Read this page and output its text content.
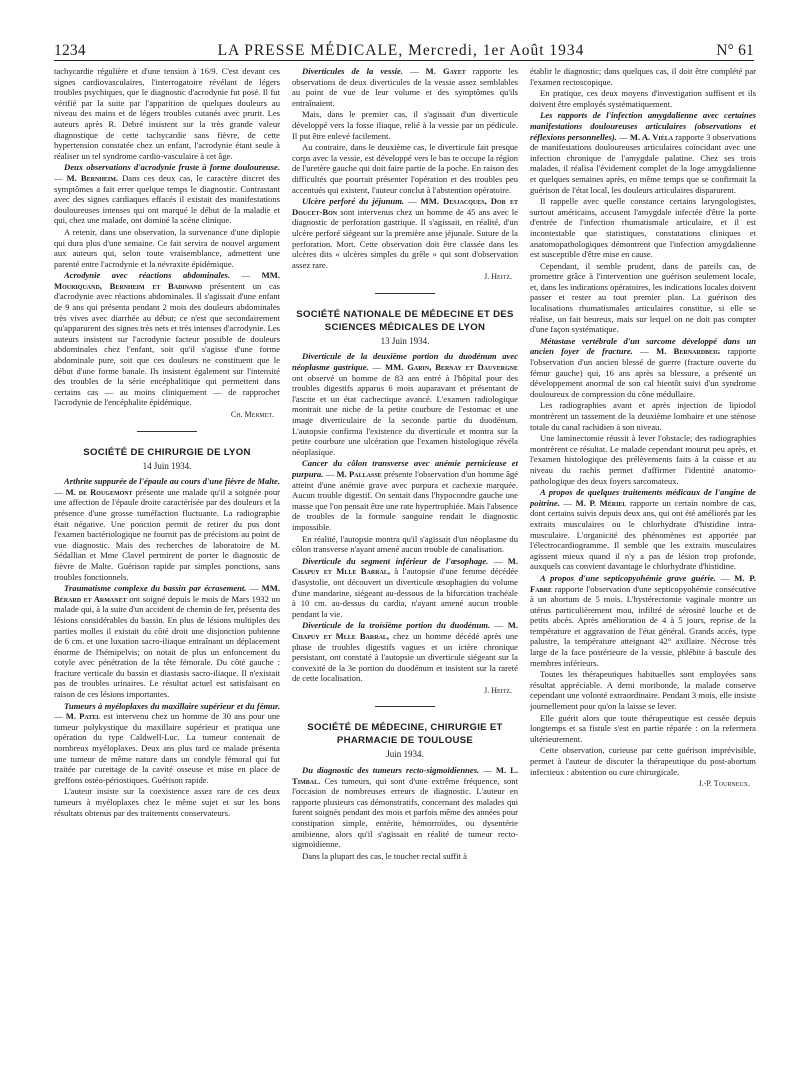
1234	LA PRESSE MÉDICALE, Mercredi, 1er Août 1934	N° 61

tachycardie régulière et d'une tension à 16/9. C'est devant ces signes cardiovasculaires, l'interrogatoire révélant de légers troubles psychiques, que le diagnostic d'acrodynie fut posé. Il fut vérifié par la suite par l'apparition de quelques douleurs au niveau des mains et de légers troubles cutanés avec prurit. Les auteurs après R. Debré insistent sur la très grande valeur diagnostique de cette tachycardie sans fièvre, de cette hypertension constatée chez un enfant, l'acrodynie étant seule à réaliser un tel syndrome cardio-vasculaire à cet âge.

Deux observations d'acrodynie fruste à forme douloureuse. — M. Bernheim. Dans ces deux cas, le caractère discret des symptômes a fait errer quelque temps le diagnostic. Contrastant avec des signes cardiaques effacés il existait des manifestations douloureuses intenses qui ont marqué le début de la maladie et qui, chez une malade, ont dominé la scène clinique.

A retenir, dans une observation, la survenance d'une diplopie qui dura plus d'une semaine. Ce fait servira de nouvel argument aux auteurs qui, selon toute vraisemblance, admettent une parenté entre l'acrodynie et la névraxite épidémique.

Acrodynie avec réactions abdominales. — MM. Mouriquand, Bernheim et Badinand présentent un cas d'acrodynie avec réactions abdominales. Il s'agissait d'une enfant de 9 ans qui présenta pendant 2 mois des douleurs abdominales très vives avec diarrhée au début; ce n'est que secondairement qu'apparurent des signes très nets et très intenses d'acrodynie. Les auteurs insistent sur l'acrodynie facteur possible de douleurs abdominales chez l'enfant, soit qu'il s'agisse d'une forme abdominale pure, soit que ces douleurs ne constituent que le début d'une forme banale. Ils insistent également sur l'intensité des troubles de la série encéphalitique qui permettent dans certains cas — au moins cliniquement — de rapprocher l'acrodynie de l'encéphalite épidémique.

Ch. Mermet.
SOCIÉTÉ DE CHIRURGIE DE LYON
14 Juin 1934.

Arthrite suppurée de l'épaule au cours d'une fièvre de Malte. — M. de Rougemont présente une malade qu'il a soignée pour une affection de l'épaule droite caractérisée par des douleurs et la présence d'une grosse tuméfaction fluctuante. La radiographie était négative. Une ponction permit de retirer du pus dont l'examen bactériologique ne fournit pas de précisions au point de vue diagnostic. Mais des recherches de laboratoire de M. Sédallian et Mme Clavel permirent de porter le diagnostic de fièvre de Malte. Guérison rapide par simples ponctions, sans troubles fonctionnels.

Traumatisme complexe du bassin par écrasement. — MM. Bérard et Armanet ont soigné depuis le mois de Mars 1932 un malade qui, à la suite d'un accident de chemin de fer, présenta des lésions considérables du bassin. En plus de lésions multiples des parties molles il existait du côté droit une disjonction pubienne de 6 cm. et une luxation sacro-iliaque entraînant un déplacement énorme de l'hémipelvis; on notait de plus un enfoncement du cotyle avec pénétration de la tête fémorale. Du côté gauche : fracture verticale du bassin et diastasis sacro-iliaque. Il n'existait pas de troubles urinaires. Le résultat actuel est satisfaisant en raison de ces lésions importantes.

Tumeurs à myéloplaxes du maxillaire supérieur et du fémur. — M. Patel est intervenu chez un homme de 30 ans pour une tumeur polykystique du maxillaire supérieur et pratiqua une opération du type Caldwell-Luc. La tumeur contenait de nombreux myéloplaxes. Deux ans plus tard ce malade présenta une tumeur de même nature dans un condyle fémoral qui fut traitée par curettage de la cavité osseuse et mise en place de greffons ostéo-périostiques. Guérison rapide.

L'auteur insiste sur la coexistence assez rare de ces deux tumeurs à myéloplaxes chez le même sujet et sur les bons résultats obtenus par des traitements conservateurs.

Diverticules de la vessie. — M. Gayet rapporte les observations de deux diverticules de la vessie assez semblables au point de vue de leur volume et des symptômes qu'ils entraînaient.

Mais, dans le premier cas, il s'agissait d'un diverticule développé vers la fosse iliaque, relié à la vessie par un pédicule. Il put être enlevé facilement.

Au contraire, dans le deuxième cas, le diverticule fait presque corps avec la vessie, est développé vers le bas te occupe la région de l'uretère gauche qui doit faire partie de la poche. En raison des difficultés que pourrait présenter l'opération et des troubles peu accentués qui existent, l'auteur conclut à l'abstention opératoire.

Ulcère perforé du jéjunum. — MM. Desjacques, Dor et Doucet-Bon sont intervenus chez un homme de 45 ans avec le diagnostic de perforation gastrique. Il s'agissait, en réalité, d'un ulcère perforé siégeant sur la première anse jéjunale. Suture de la perforation. Mort. Cette observation doit être classée dans les ulcères dits « ulcères simples du grêle » qui sont d'observation assez rare.

J. Heitz.
SOCIÉTÉ NATIONALE DE MÉDECINE ET DES SCIENCES MÉDICALES DE LYON
13 Juin 1934.

Diverticule de la deuxième portion du duodénum avec néoplasme gastrique. — MM. Garin, Bernay et Dauvergne ont observé un homme de 83 ans entré à l'hôpital pour des troubles digestifs apparus 6 mois auparavant et présentant de l'ascite et un état cachectique avancé. L'examen radiologique montrait une niche de la petite courbure de l'estomac et une image diverticulaire de la seconde partie du duodénum. L'autopsie confirma l'existence du diverticule et montra sur la petite courbure une ulcération que l'examen histologique révéla néoplasique.

Cancer du côlon transverse avec anémie pernicieuse et purpura. — M. Pallasse présente l'observation d'un homme âgé atteint d'une anémie grave avec purpura et cachexie marquée. Aucun trouble digestif. On sentait dans l'hypocondre gauche une masse que l'on pensait être une rate hypertrophiée. Mais l'absence de troubles de la formule sanguine rendait le diagnostic impossible.

En réalité, l'autopsie montra qu'il s'agissait d'un néoplasme du côlon transverse n'ayant amené aucun trouble de canalisation.

Diverticule du segment inférieur de l'œsophage. — M. Chapuy et Mlle Barral, à l'autopsie d'une femme décédée d'asystolie, ont découvert un diverticule œsophagien du volume d'une mandarine, siégeant au-dessous de la bifurcation trachéale à 10 cm. au-dessus du cardia, n'ayant amené aucun trouble pendant la vie.

Diverticule de la troisième portion du duodénum. — M. Chapuy et Mlle Barral, chez un homme décédé après une phase de troubles digestifs vagues et un ictère chronique persistant, ont constaté à l'autopsie un diverticule siégeant sur la convexité de la 3e portion du duodénum et insistent sur la rareté de cette localisation.

J. Heitz.
SOCIÉTÉ DE MÉDECINE, CHIRURGIE ET PHARMACIE DE TOULOUSE
Juin 1934.

Du diagnostic des tumeurs recto-sigmoïdiennes. — M. L. Timbal. Ces tumeurs, qui sont d'une extrême fréquence, sont l'occasion de nombreuses erreurs de diagnostic. L'auteur en rapporte plusieurs cas démonstratifs, concernant des malades qui furent soignés pendant des mois et parfois même des années pour constipation simple, entérite, hémorroïdes, ou dysentérie amibienne, alors qu'il s'agissait en réalité de tumeur recto-sigmoïdienne.

Dans la plupart des cas, le toucher rectal suffit à

établir le diagnostic; dans quelques cas, il doit être complété par l'examen rectoscopique.

En pratique, ces deux moyens d'investigation suffisent et ils doivent être employés systématiquement.

Les rapports de l'infection amygdalienne avec certaines manifestations douloureuses articulaires (observations et réflexions personnelles). — M. A. Viéla rapporte 3 observations de manifestations douloureuses articulaires coïncidant avec une infection chronique de l'amygdale palatine. Chez ses trois malades, il réalisa l'évidement complet de la loge amygdalienne et quelques semaines après, en même temps que se confirmait la guérison de l'état local, les douleurs articulaires disparurent.

Il rappelle avec quelle constance certains laryngologistes, surtout américains, accusent l'amygdale infectée d'être la porte d'entrée de l'infection rhumatismale articulaire, et il est incontestable que statistiques, constatations cliniques et anatomopathologiques démontrent que l'infection amygdalienne est susceptible d'être mise en cause.

Cependant, il semble prudent, dans de pareils cas, de promettre grâce à l'intervention une guérison seulement locale, et, dans les indications opératoires, les indications locales doivent passer et rester au tout premier plan. La guérison des localisations rhumatismales articulaires constitue, si elle se réalise, un fait heureux, mais sur lequel on ne doit pas compter d'une façon systématique.

Métastase vertébrale d'un sarcome développé dans un ancien foyer de fracture. — M. Bernardbeig rapporte l'observation d'un ancien blessé de guerre (fracture ouverte du fémur gauche) qui, 16 ans après sa blessure, a présenté un développement anormal de son cal bientôt suivi d'un syndrome douloureux de compression du cône médullaire.

Les radiographies avant et après injection de lipiodol montrèrent un tassement de la deuxième lombaire et une sténose totale du canal rachidien à son niveau.

Une laminectomie réussit à lever l'obstacle; des radiographies montrèrent ce résultat. Le malade cependant mourut peu après, et l'examen histologique des prélèvements faits à la cuisse et au niveau du rachis permet d'affirmer l'identité anatomo-pathologique des deux foyers sarcomateux.

A propos de quelques traitements médicaux de l'angine de poitrine. — M. P. Mériel rapporte un certain nombre de cas, dont certains suivis depuis deux ans, qui ont été améliorés par les extraits musculaires ou le chlorhydrate d'histidine intra-musculaire. L'organicité des phénomènes est apportée par l'électrocardiogramme. Il semble que les extraits musculaires agissent mieux quand il n'y a pas de lésion trop profonde, auxquels cas convient davantage le chlorhydrate d'histidine.

A propos d'une septicopyohémie grave guérie. — M. P. Fabre rapporte l'observation d'une septicopyohémie consécutive à un abortum de 5 mois. L'hystérectomie vaginale montre un utérus particulièrement mou, infiltré de sérosité louche et de petits abcès. Après amélioration de 4 à 5 jours, reprise de la température et aggravation de l'état général. Grands accès, type palustre, la température atteignant 42° axillaire. Nécrose très large de la face postérieure de la vessie, phlébite à bascule des membres inférieurs.

Toutes les thérapeutiques habituelles sont employées sans résultat appréciable. A demi moribonde, la malade conserve cependant une volonté extraordinaire. Pendant 3 mois, elle insiste journellement pour qu'on la laisse se lever.

Elle guérit alors que toute thérapeutique est cessée depuis longtemps et sa fistule s'est en partie réparée : on la refermera ultérieurement.

Cette observation, curieuse par cette guérison imprévisible, permet à l'auteur de discuter la thérapeutique du post-abortum infectieux : abstention ou cure chirurgicale.

J.-P. Tourneux.
